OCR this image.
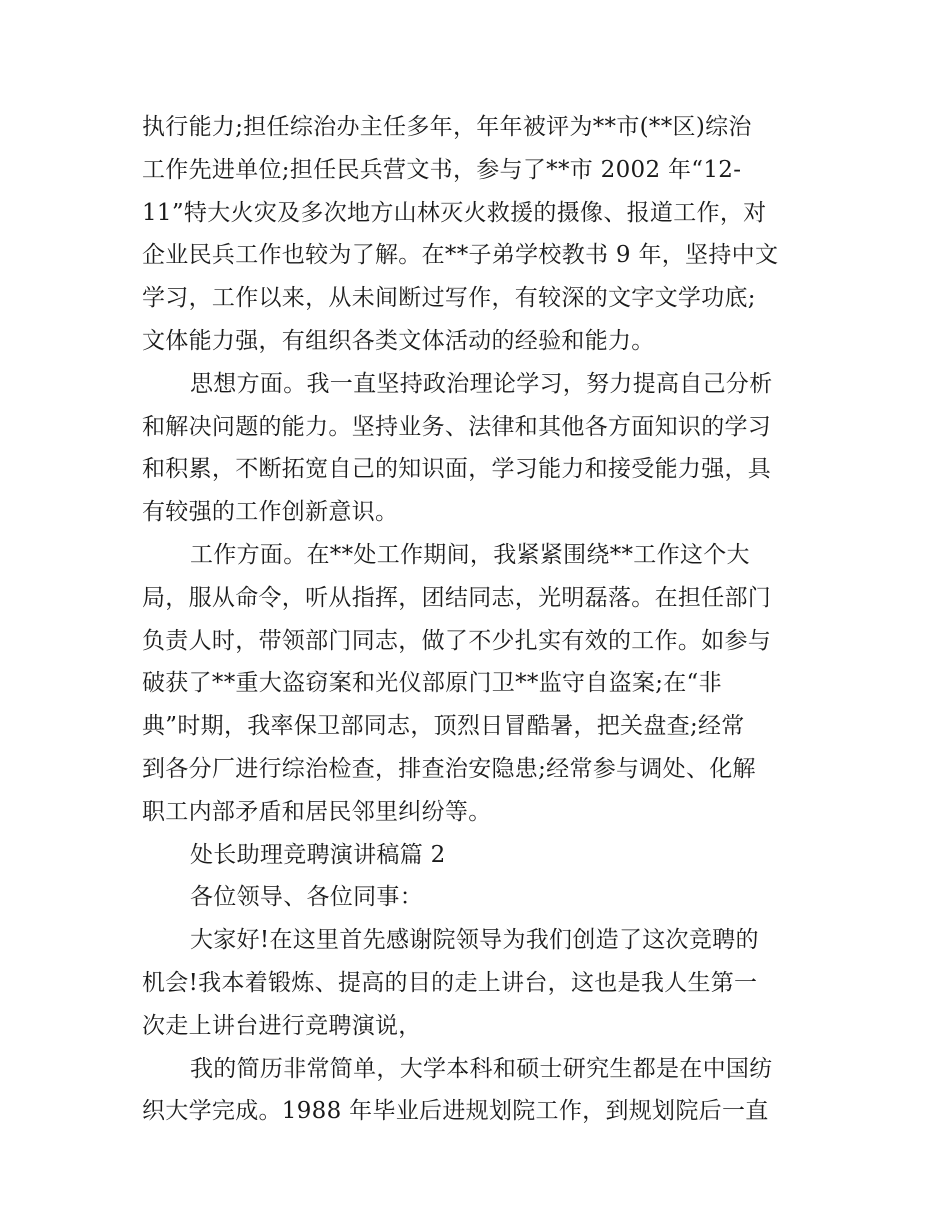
执行能力;担任综治办主任多年，年年被评为**市(**区)综治
工作先进单位;担任民兵营文书，参与了**市 2002 年“12-
11”特大火灾及多次地方山林灭火救援的摄像、报道工作，对
企业民兵工作也较为了解。在**子弟学校教书 9 年，坚持中文
学习，工作以来，从未间断过写作，有较深的文字文学功底;
文体能力强，有组织各类文体活动的经验和能力。
思想方面。我一直坚持政治理论学习，努力提高自己分析
和解决问题的能力。坚持业务、法律和其他各方面知识的学习
和积累，不断拓宽自己的知识面，学习能力和接受能力强，具
有较强的工作创新意识。
工作方面。在**处工作期间，我紧紧围绕**工作这个大
局，服从命令，听从指挥，团结同志，光明磊落。在担任部门
负责人时，带领部门同志，做了不少扎实有效的工作。如参与
破获了**重大盗窃案和光仪部原门卫**监守自盗案;在“非
典”时期，我率保卫部同志，顶烈日冒酷暑，把关盘查;经常
到各分厂进行综治检查，排查治安隐患;经常参与调处、化解
职工内部矛盾和居民邻里纠纷等。
处长助理竞聘演讲稿篇 2
各位领导、各位同事：
大家好!在这里首先感谢院领导为我们创造了这次竞聘的
机会!我本着锻炼、提高的目的走上讲台，这也是我人生第一
次走上讲台进行竞聘演说，
我的简历非常简单，大学本科和硕士研究生都是在中国纺
织大学完成。1988 年毕业后进规划院工作，到规划院后一直
